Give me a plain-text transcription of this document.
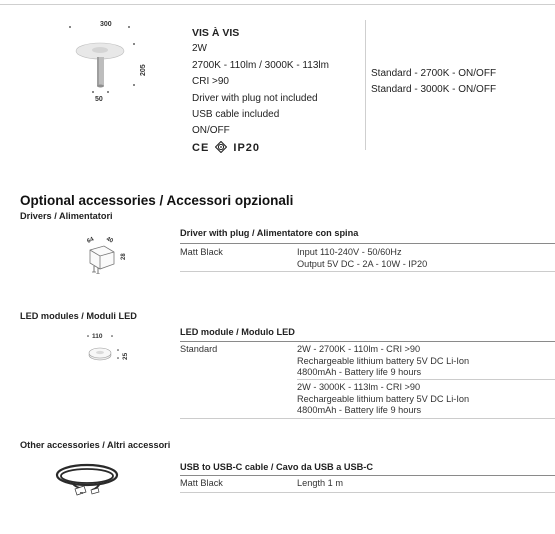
300
205
50
VIS À VIS
2W
2700K - 110lm / 3000K - 113lm
CRI >90
Driver with plug not included
USB cable included
ON/OFF
CE IP20
Standard - 2700K - ON/OFF
Standard - 3000K - ON/OFF
Optional accessories / Accessori opzionali
Drivers / Alimentatori
64 40
28
Driver with plug / Alimentatore con spina
Matt Black	Input 110-240V - 50/60Hz
Output 5V DC - 2A - 10W - IP20
LED modules / Moduli LED
110
25
LED module / Modulo LED
Standard	2W - 2700K - 110lm - CRI >90
Rechargeable lithium battery 5V DC Li-Ion
4800mAh - Battery life 9 hours
2W - 3000K - 113lm - CRI >90
Rechargeable lithium battery 5V DC Li-Ion
4800mAh - Battery life 9 hours
Other accessories / Altri accessori
USB to USB-C cable / Cavo da USB a USB-C
Matt Black	Length 1 m
